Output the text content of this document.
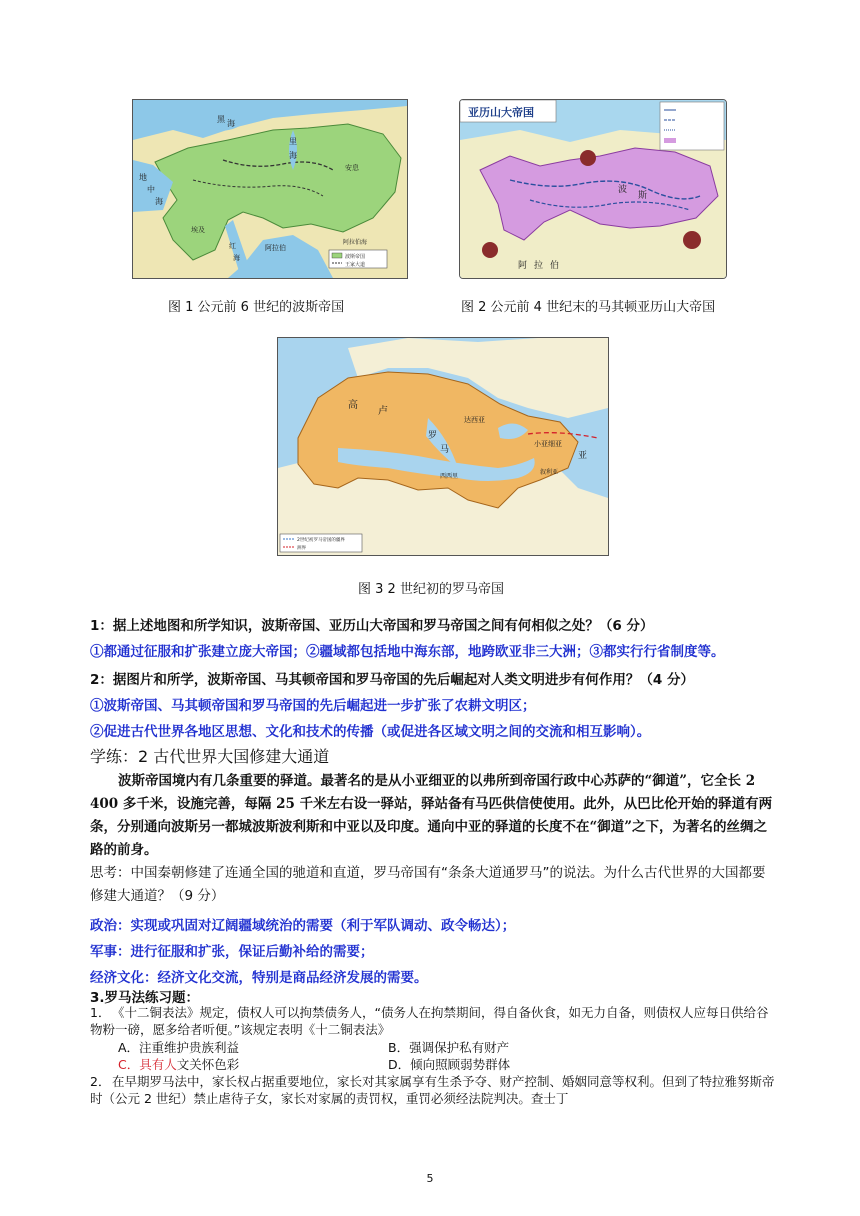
波斯帝国
王家大道
黑 海
里
海
安息
埃及
阿拉伯
地
中
海
红
海
阿拉伯海
图 1 公元前 6 世纪的波斯帝国
亚历山大帝国
波
斯
阿 拉 伯
图 2 公元前 4 世纪末的马其顿亚历山大帝国
2世纪初罗马帝国的疆界
洲界
高
卢
达西亚
小亚细亚
叙利亚
罗
马
西西里
亚
图 3 2 世纪初的罗马帝国
1：据上述地图和所学知识，波斯帝国、亚历山大帝国和罗马帝国之间有何相似之处？（6 分）
①都通过征服和扩张建立庞大帝国；②疆域都包括地中海东部，地跨欧亚非三大洲；③都实行行省制度等。
2：据图片和所学，波斯帝国、马其顿帝国和罗马帝国的先后崛起对人类文明进步有何作用？（4 分）
①波斯帝国、马其顿帝国和罗马帝国的先后崛起进一步扩张了农耕文明区；
②促进古代世界各地区思想、文化和技术的传播（或促进各区域文明之间的交流和相互影响）。
学练：2 古代世界大国修建大通道
波斯帝国境内有几条重要的驿道。最著名的是从小亚细亚的以弗所到帝国行政中心苏萨的“御道”，它全长 2 400 多千米，设施完善，每隔 25 千米左右设一驿站，驿站备有马匹供信使使用。此外，从巴比伦开始的驿道有两条，分别通向波斯另一都城波斯波利斯和中亚以及印度。通向中亚的驿道的长度不在“御道”之下，为著名的丝绸之路的前身。
思考：中国秦朝修建了连通全国的驰道和直道，罗马帝国有“条条大道通罗马”的说法。为什么古代世界的大国都要修建大通道？（9 分）
政治：实现或巩固对辽阔疆域统治的需要（利于军队调动、政令畅达）；
军事：进行征服和扩张，保证后勤补给的需要；
经济文化：经济文化交流，特别是商品经济发展的需要。
3.罗马法练习题：
1． 《十二铜表法》规定，债权人可以拘禁债务人，“债务人在拘禁期间，得自备伙食，如无力自备，则债权人应每日供给谷物粉一磅，愿多给者听便。”该规定表明《十二铜表法》
A．注重维护贵族利益	B．强调保护私有财产
C．具有人文关怀色彩	D．倾向照顾弱势群体
2． 在早期罗马法中，家长权占据重要地位，家长对其家属享有生杀予夺、财产控制、婚姻同意等权利。但到了特拉雅努斯帝时（公元 2 世纪）禁止虐待子女，家长对家属的责罚权，重罚必须经法院判决。查士丁
5
